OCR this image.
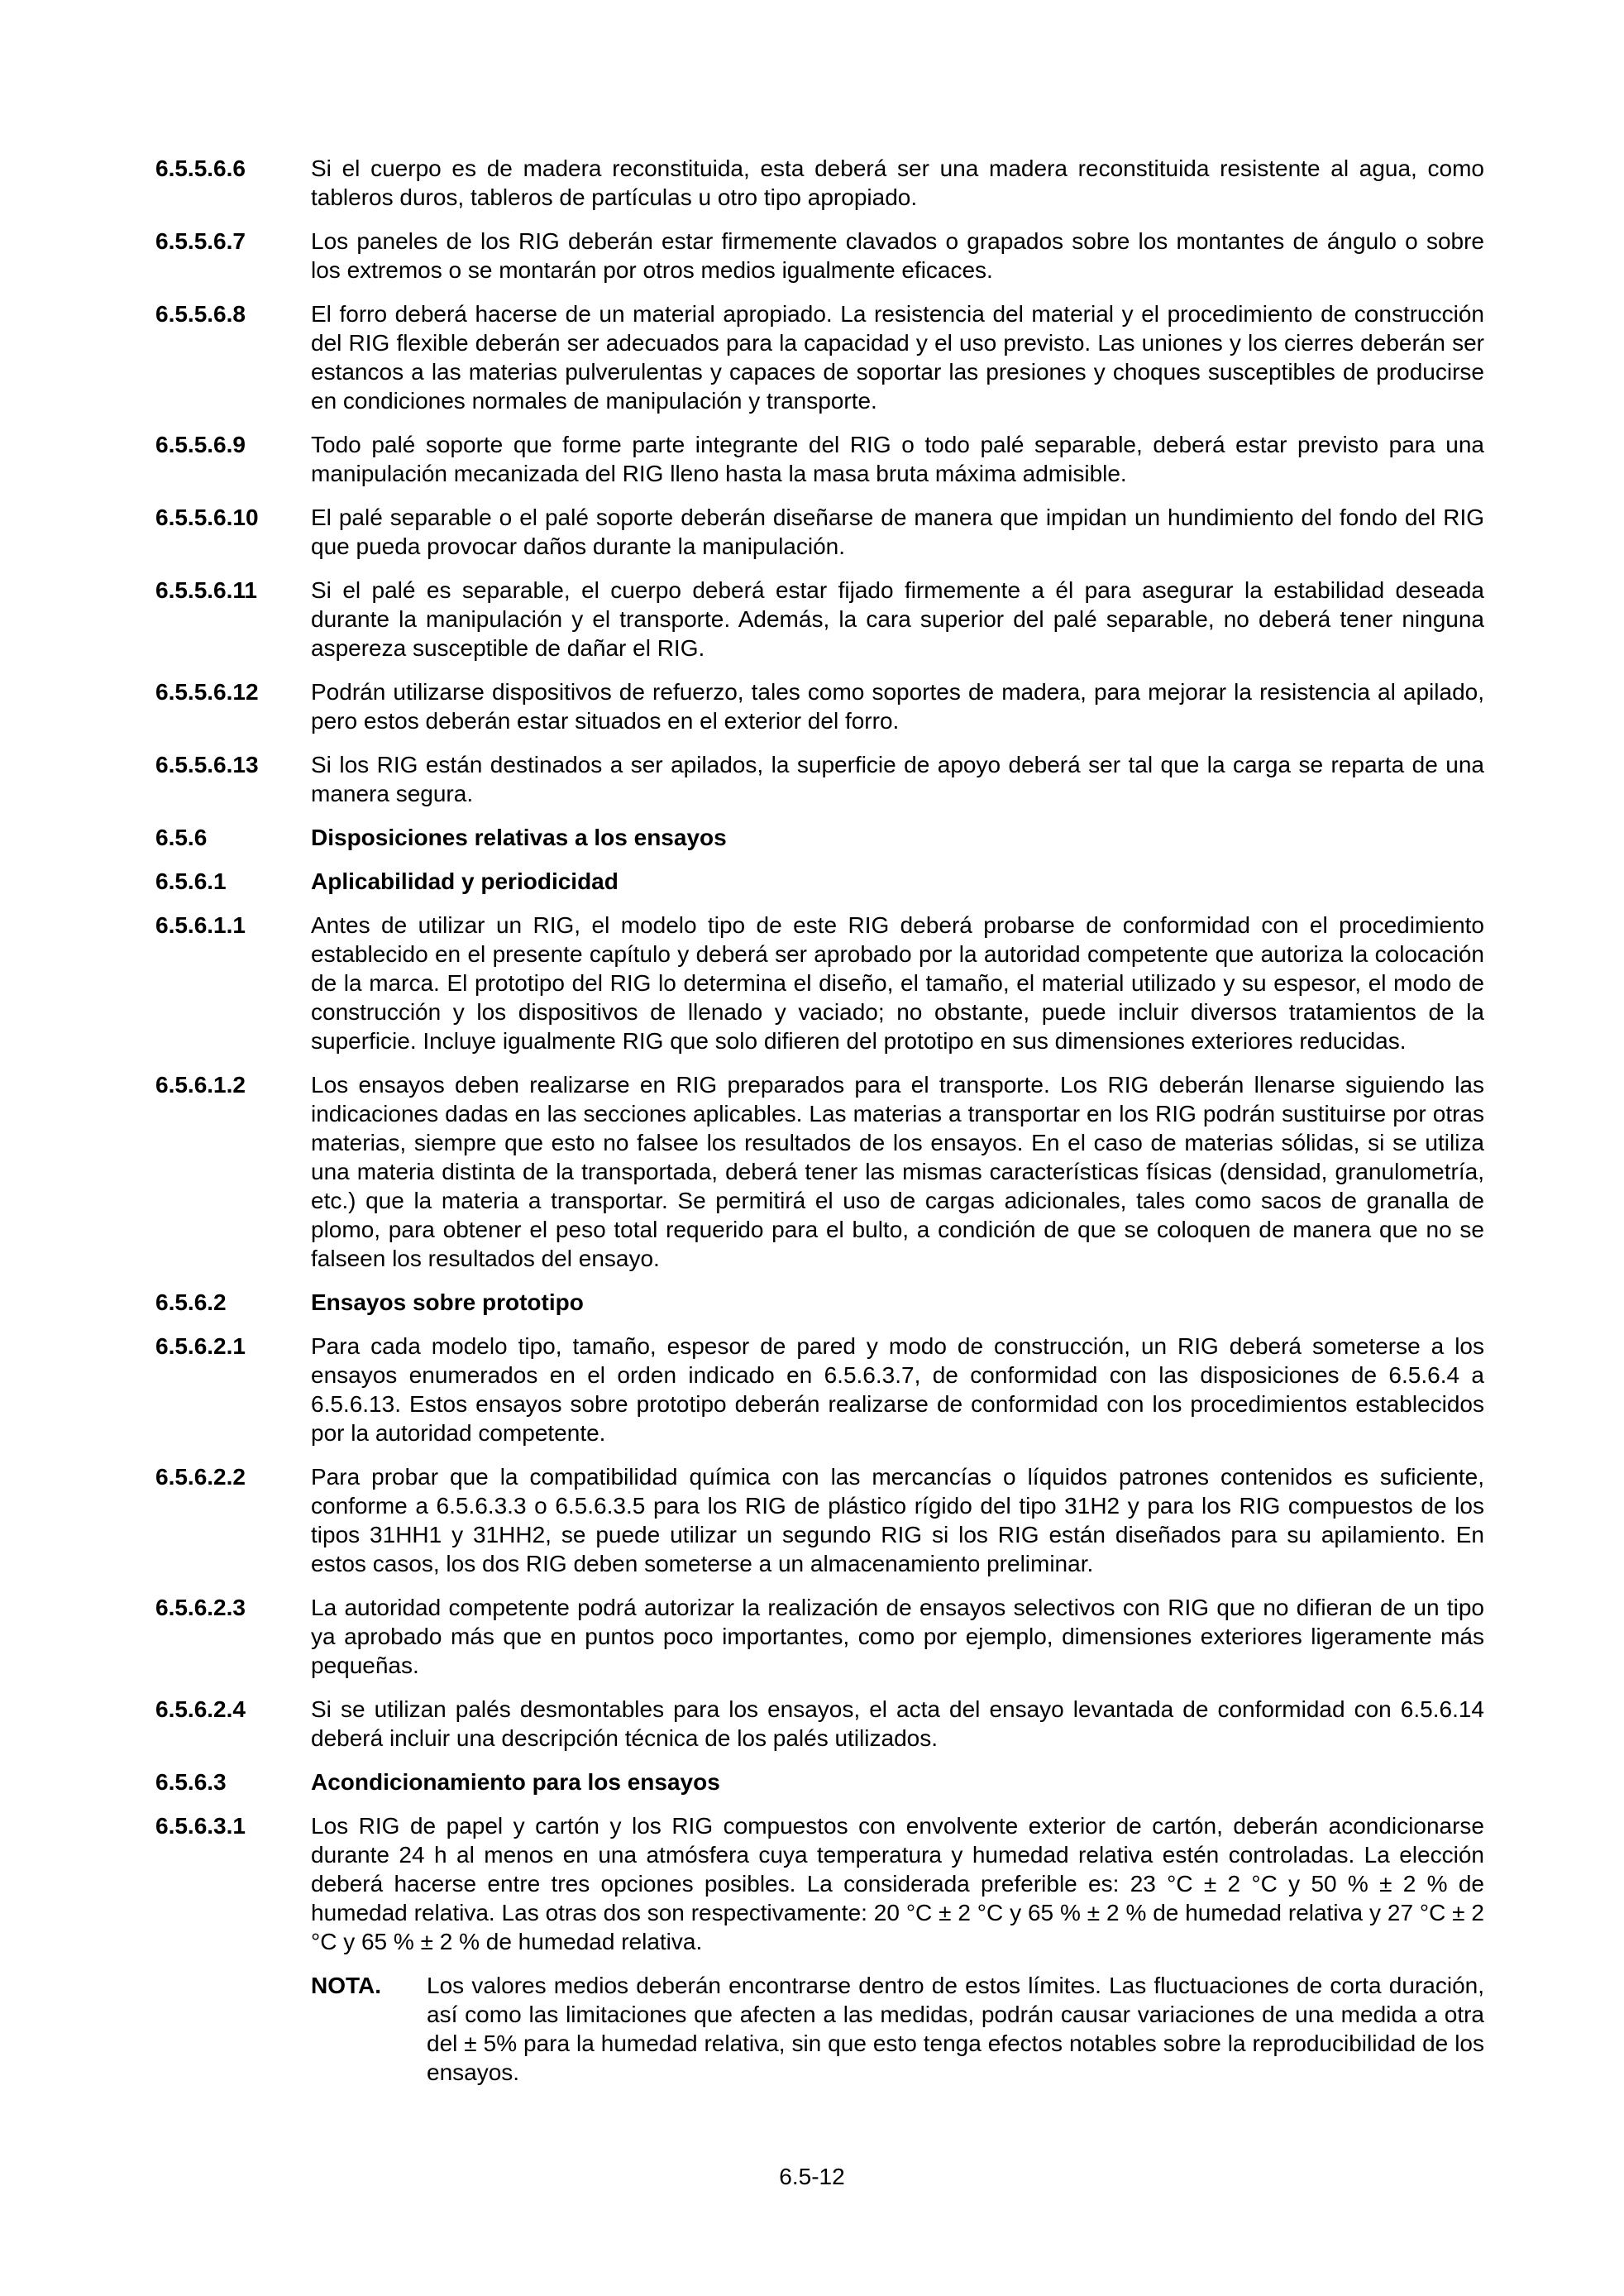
6.5.5.6.6	Si el cuerpo es de madera reconstituida, esta deberá ser una madera reconstituida resistente al agua, como tableros duros, tableros de partículas u otro tipo apropiado.
6.5.5.6.7	Los paneles de los RIG deberán estar firmemente clavados o grapados sobre los montantes de ángulo o sobre los extremos o se montarán por otros medios igualmente eficaces.
6.5.5.6.8	El forro deberá hacerse de un material apropiado. La resistencia del material y el procedimiento de construcción del RIG flexible deberán ser adecuados para la capacidad y el uso previsto. Las uniones y los cierres deberán ser estancos a las materias pulverulentas y capaces de soportar las presiones y choques susceptibles de producirse en condiciones normales de manipulación y transporte.
6.5.5.6.9	Todo palé soporte que forme parte integrante del RIG o todo palé separable, deberá estar previsto para una manipulación mecanizada del RIG lleno hasta la masa bruta máxima admisible.
6.5.5.6.10	El palé separable o el palé soporte deberán diseñarse de manera que impidan un hundimiento del fondo del RIG que pueda provocar daños durante la manipulación.
6.5.5.6.11	Si el palé es separable, el cuerpo deberá estar fijado firmemente a él para asegurar la estabilidad deseada durante la manipulación y el transporte. Además, la cara superior del palé separable, no deberá tener ninguna aspereza susceptible de dañar el RIG.
6.5.5.6.12	Podrán utilizarse dispositivos de refuerzo, tales como soportes de madera, para mejorar la resistencia al apilado, pero estos deberán estar situados en el exterior del forro.
6.5.5.6.13	Si los RIG están destinados a ser apilados, la superficie de apoyo deberá ser tal que la carga se reparta de una manera segura.
6.5.6	Disposiciones relativas a los ensayos
6.5.6.1	Aplicabilidad y periodicidad
6.5.6.1.1	Antes de utilizar un RIG, el modelo tipo de este RIG deberá probarse de conformidad con el procedimiento establecido en el presente capítulo y deberá ser aprobado por la autoridad competente que autoriza la colocación de la marca. El prototipo del RIG lo determina el diseño, el tamaño, el material utilizado y su espesor, el modo de construcción y los dispositivos de llenado y vaciado; no obstante, puede incluir diversos tratamientos de la superficie. Incluye igualmente RIG que solo difieren del prototipo en sus dimensiones exteriores reducidas.
6.5.6.1.2	Los ensayos deben realizarse en RIG preparados para el transporte. Los RIG deberán llenarse siguiendo las indicaciones dadas en las secciones aplicables. Las materias a transportar en los RIG podrán sustituirse por otras materias, siempre que esto no falsee los resultados de los ensayos. En el caso de materias sólidas, si se utiliza una materia distinta de la transportada, deberá tener las mismas características físicas (densidad, granulometría, etc.) que la materia a transportar. Se permitirá el uso de cargas adicionales, tales como sacos de granalla de plomo, para obtener el peso total requerido para el bulto, a condición de que se coloquen de manera que no se falseen los resultados del ensayo.
6.5.6.2	Ensayos sobre prototipo
6.5.6.2.1	Para cada modelo tipo, tamaño, espesor de pared y modo de construcción, un RIG deberá someterse a los ensayos enumerados en el orden indicado en 6.5.6.3.7, de conformidad con las disposiciones de 6.5.6.4 a 6.5.6.13. Estos ensayos sobre prototipo deberán realizarse de conformidad con los procedimientos establecidos por la autoridad competente.
6.5.6.2.2	Para probar que la compatibilidad química con las mercancías o líquidos patrones contenidos es suficiente, conforme a 6.5.6.3.3 o 6.5.6.3.5 para los RIG de plástico rígido del tipo 31H2 y para los RIG compuestos de los tipos 31HH1 y 31HH2, se puede utilizar un segundo RIG si los RIG están diseñados para su apilamiento. En estos casos, los dos RIG deben someterse a un almacenamiento preliminar.
6.5.6.2.3	La autoridad competente podrá autorizar la realización de ensayos selectivos con RIG que no difieran de un tipo ya aprobado más que en puntos poco importantes, como por ejemplo, dimensiones exteriores ligeramente más pequeñas.
6.5.6.2.4	Si se utilizan palés desmontables para los ensayos, el acta del ensayo levantada de conformidad con 6.5.6.14 deberá incluir una descripción técnica de los palés utilizados.
6.5.6.3	Acondicionamiento para los ensayos
6.5.6.3.1	Los RIG de papel y cartón y los RIG compuestos con envolvente exterior de cartón, deberán acondicionarse durante 24 h al menos en una atmósfera cuya temperatura y humedad relativa estén controladas. La elección deberá hacerse entre tres opciones posibles. La considerada preferible es: 23 °C ± 2 °C y 50 % ± 2 % de humedad relativa. Las otras dos son respectivamente: 20 °C ± 2 °C y 65 % ± 2 % de humedad relativa y 27 °C ± 2 °C y 65 % ± 2 % de humedad relativa.
NOTA.	Los valores medios deberán encontrarse dentro de estos límites. Las fluctuaciones de corta duración, así como las limitaciones que afecten a las medidas, podrán causar variaciones de una medida a otra del ± 5% para la humedad relativa, sin que esto tenga efectos notables sobre la reproducibilidad de los ensayos.
6.5-12
